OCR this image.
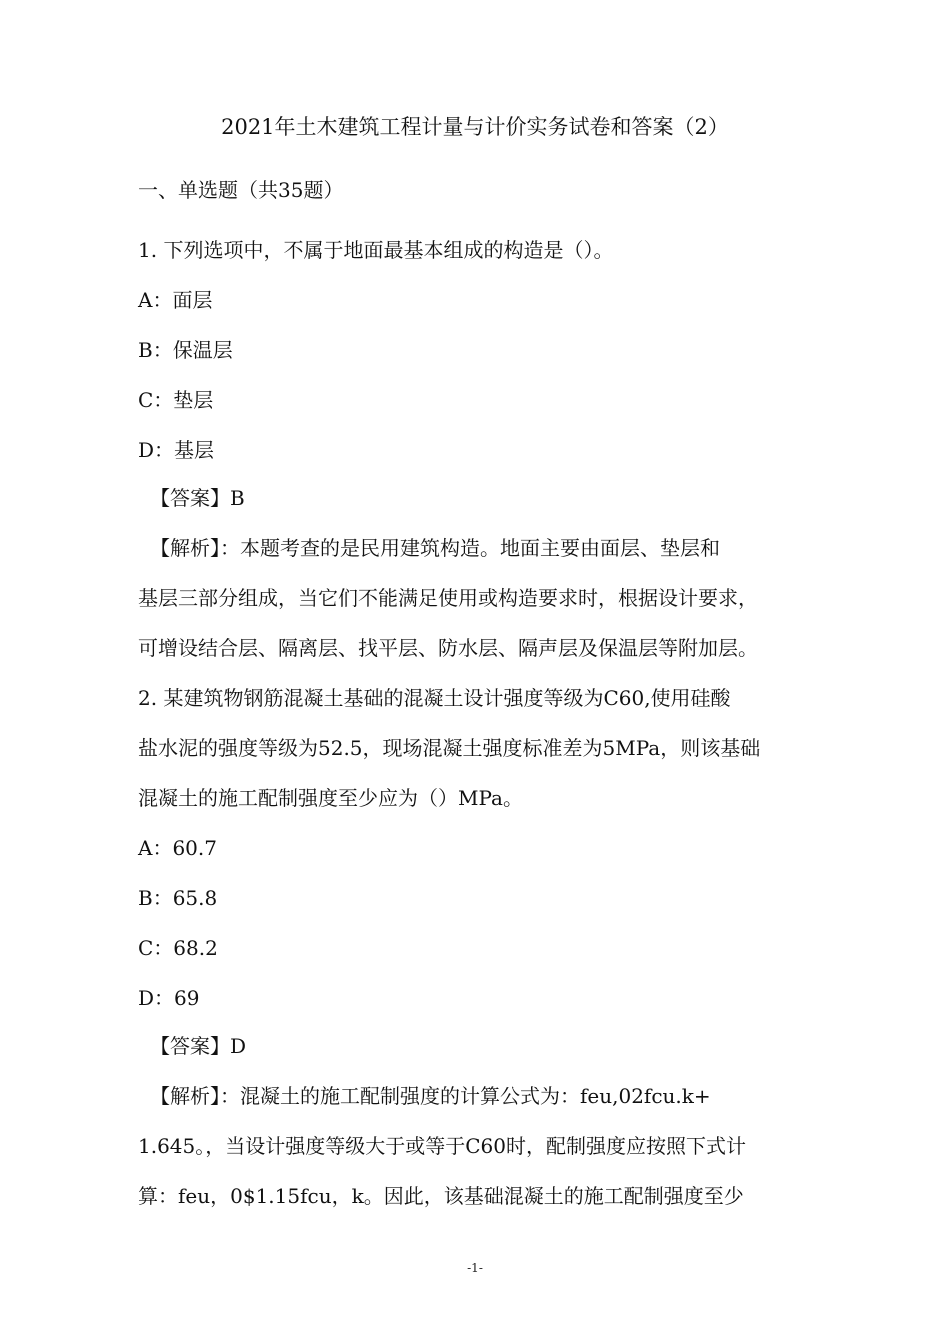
2021年土木建筑工程计量与计价实务试卷和答案（2）
一、单选题（共35题）
1. 下列选项中，不属于地面最基本组成的构造是（）。
A：面层
B：保温层
C：垫层
D：基层
【答案】B
【解析】：本题考查的是民用建筑构造。地面主要由面层、垫层和
基层三部分组成，当它们不能满足使用或构造要求时，根据设计要求，
可增设结合层、隔离层、找平层、防水层、隔声层及保温层等附加层。
2. 某建筑物钢筋混凝土基础的混凝土设计强度等级为C60,使用硅酸
盐水泥的强度等级为52.5，现场混凝土强度标准差为5MPa，则该基础
混凝土的施工配制强度至少应为（）MPa。
A：60.7
B：65.8
C：68.2
D：69
【答案】D
【解析】：混凝土的施工配制强度的计算公式为：feu,02fcu.k+
1.645。，当设计强度等级大于或等于C60时，配制强度应按照下式计
算：feu，0$1.15fcu，k。因此，该基础混凝土的施工配制强度至少
-1-
